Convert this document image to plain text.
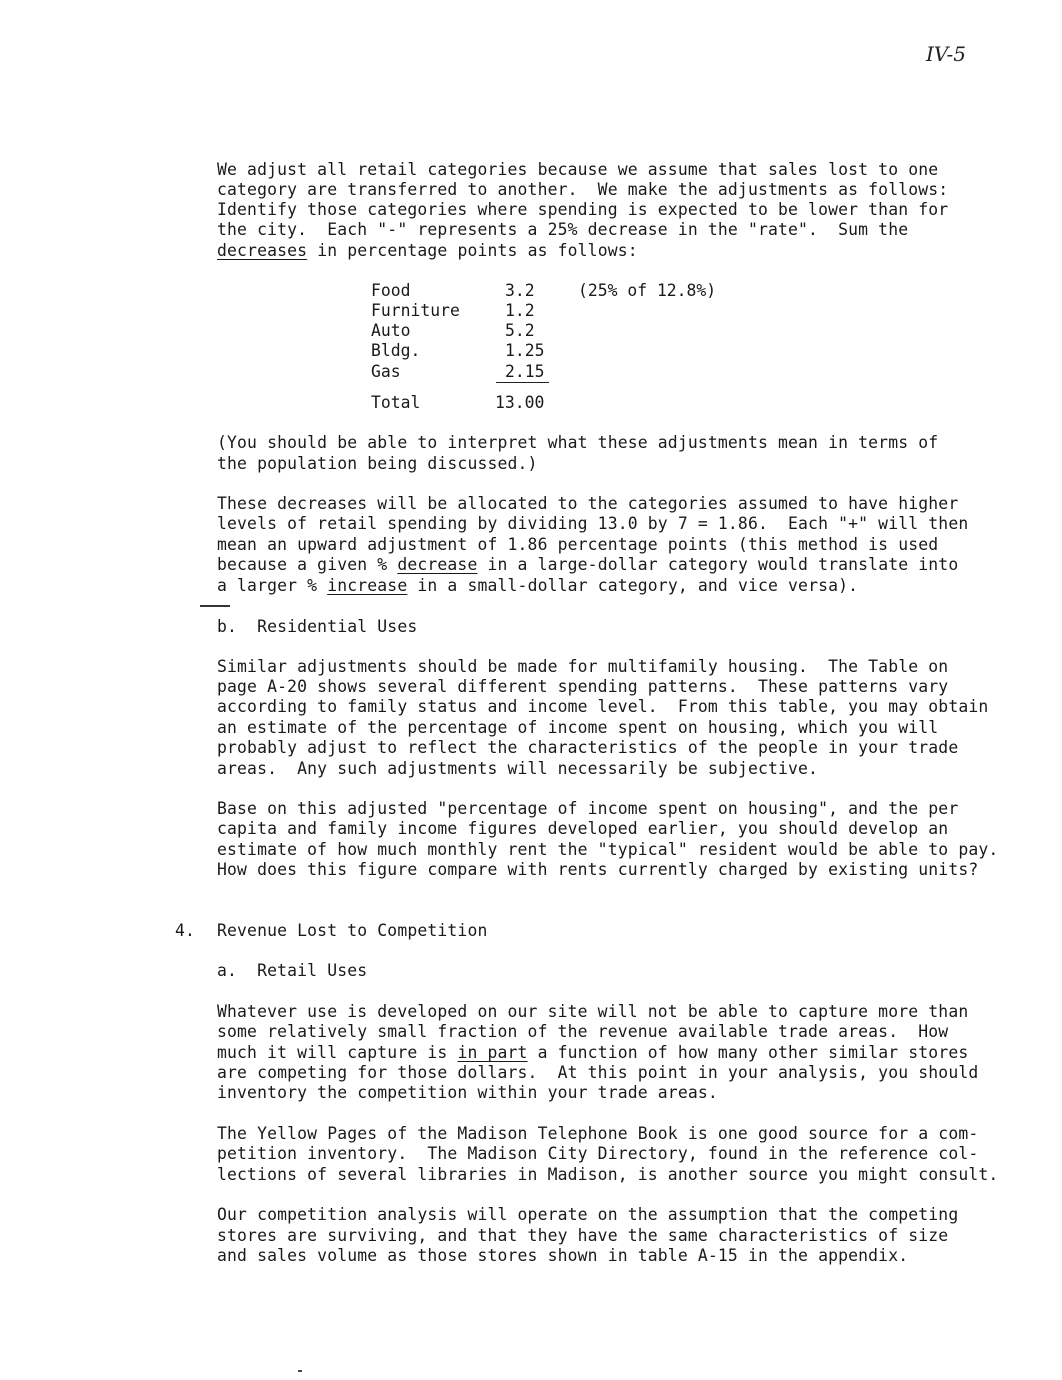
IV-5
We adjust all retail categories because we assume that sales lost to one
category are transferred to another.  We make the adjustments as follows:
Identify those categories where spending is expected to be lower than for
the city.  Each "-" represents a 25% decrease in the "rate".  Sum the
decreases in percentage points as follows:
Food	3.2	(25% of 12.8%)
Furniture	1.2
Auto	5.2
Bldg.	1.25
Gas	2.15
Total	13.00
(You should be able to interpret what these adjustments mean in terms of
the population being discussed.)
These decreases will be allocated to the categories assumed to have higher
levels of retail spending by dividing 13.0 by 7 = 1.86.  Each "+" will then
mean an upward adjustment of 1.86 percentage points (this method is used
because a given % decrease in a large-dollar category would translate into
a larger % increase in a small-dollar category, and vice versa).
b.  Residential Uses
Similar adjustments should be made for multifamily housing.  The Table on
page A-20 shows several different spending patterns.  These patterns vary
according to family status and income level.  From this table, you may obtain
an estimate of the percentage of income spent on housing, which you will
probably adjust to reflect the characteristics of the people in your trade
areas.  Any such adjustments will necessarily be subjective.
Base on this adjusted "percentage of income spent on housing", and the per
capita and family income figures developed earlier, you should develop an
estimate of how much monthly rent the "typical" resident would be able to pay.
How does this figure compare with rents currently charged by existing units?
4. Revenue Lost to Competition
a.  Retail Uses
Whatever use is developed on our site will not be able to capture more than
some relatively small fraction of the revenue available trade areas.  How
much it will capture is in part a function of how many other similar stores
are competing for those dollars.  At this point in your analysis, you should
inventory the competition within your trade areas.
The Yellow Pages of the Madison Telephone Book is one good source for a com-
petition inventory.  The Madison City Directory, found in the reference col-
lections of several libraries in Madison, is another source you might consult.
Our competition analysis will operate on the assumption that the competing
stores are surviving, and that they have the same characteristics of size
and sales volume as those stores shown in table A-15 in the appendix.
